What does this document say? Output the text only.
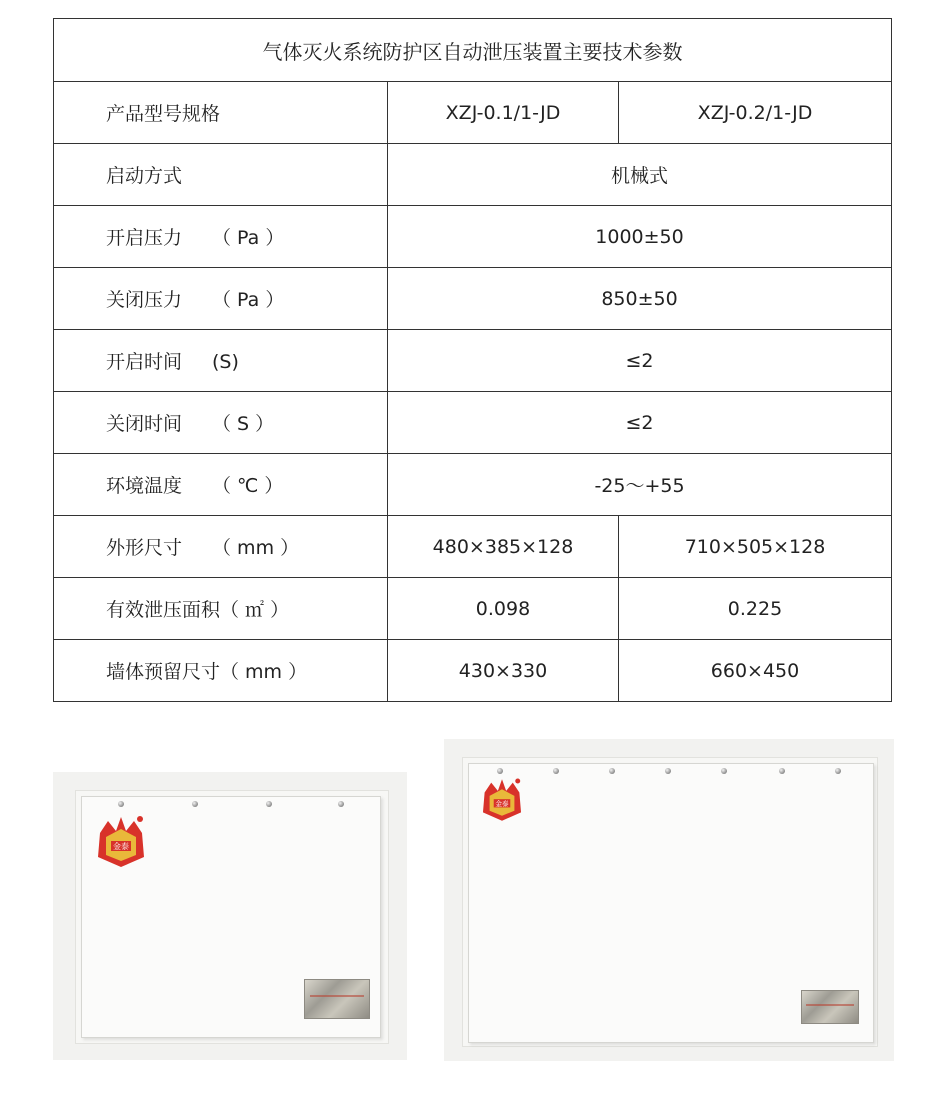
气体灭火系统防护区自动泄压装置主要技术参数		
产品型号规格	XZJ-0.1/1-JD	XZJ-0.2/1-JD
启动方式	机械式	
开启压力 （ Pa ）	1000±50	
关闭压力 （ Pa ）	850±50	
开启时间 (S)	≤2	
关闭时间 （ S ）	≤2	
环境温度 （ ℃ ）	-25～+55	
外形尺寸 （ mm ）	480×385×128	710×505×128
有效泄压面积（ ㎡ ）	0.098	0.225
墙体预留尺寸（ mm ）	430×330	660×450
金泰
金泰
